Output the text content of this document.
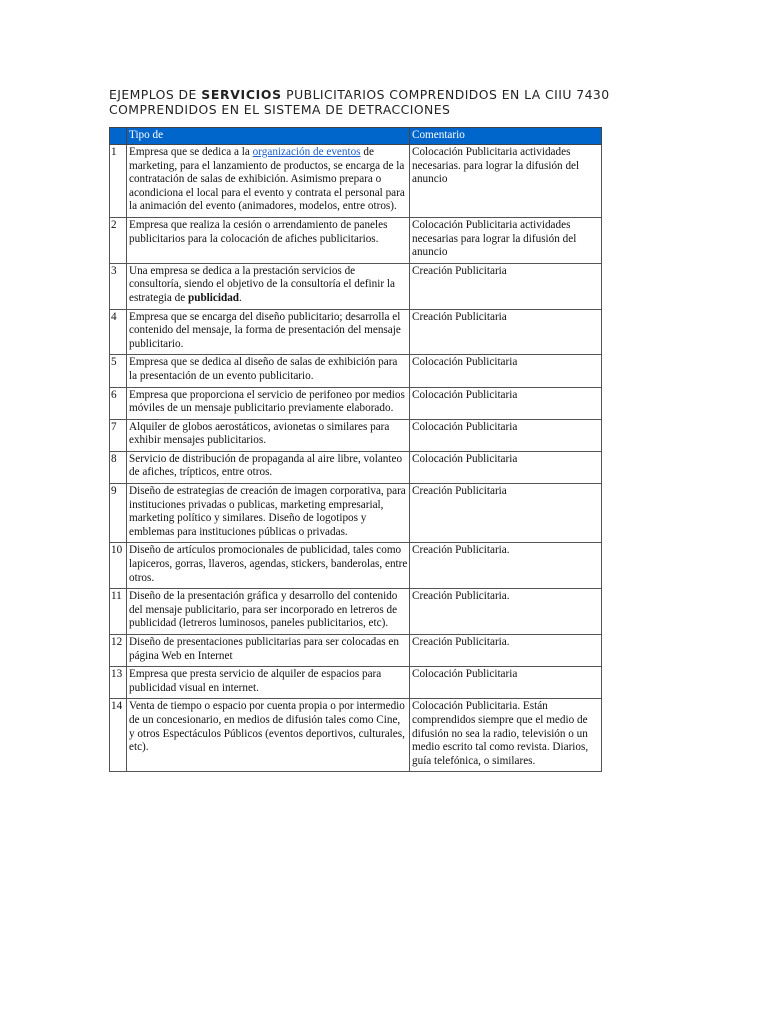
EJEMPLOS DE SERVICIOS PUBLICITARIOS COMPRENDIDOS EN LA CIIU 7430
COMPRENDIDOS EN EL SISTEMA DE DETRACCIONES
	Tipo de	Comentario
1	Empresa que se dedica a la organización de eventos de marketing, para el lanzamiento de productos, se encarga de la contratación de salas de exhibición. Asimismo prepara o acondiciona el local para el evento y contrata el personal para la animación del evento (animadores, modelos, entre otros).	Colocación Publicitaria actividades necesarias. para lograr la difusión del anuncio
2	Empresa que realiza la cesión o arrendamiento de paneles publicitarios para la colocación de afiches publicitarios.	Colocación Publicitaria actividades necesarias para lograr la difusión del anuncio
3	Una empresa se dedica a la prestación servicios de consultoría, siendo el objetivo de la consultoría el definir la estrategia de publicidad.	Creación Publicitaria
4	Empresa que se encarga del diseño publicitario; desarrolla el contenido del mensaje, la forma de presentación del mensaje publicitario.	Creación Publicitaria
5	Empresa que se dedica al diseño de salas de exhibición para la presentación de un evento publicitario.	Colocación Publicitaria
6	Empresa que proporciona el servicio de perifoneo por medios móviles de un mensaje publicitario previamente elaborado.	Colocación Publicitaria
7	Alquiler de globos aerostáticos, avionetas o similares para exhibir mensajes publicitarios.	Colocación Publicitaria
8	Servicio de distribución de propaganda al aire libre, volanteo de afiches, trípticos, entre otros.	Colocación Publicitaria
9	Diseño de estrategias de creación de imagen corporativa, para instituciones privadas o publicas, marketing empresarial, marketing político y similares. Diseño de logotipos y emblemas para instituciones públicas o privadas.	Creación Publicitaria
10	Diseño de artículos promocionales de publicidad, tales como lapiceros, gorras, llaveros, agendas, stickers, banderolas, entre otros.	Creación Publicitaria.
11	Diseño de la presentación gráfica y desarrollo del contenido del mensaje publicitario, para ser incorporado en letreros de publicidad (letreros luminosos, paneles publicitarios, etc).	Creación Publicitaria.
12	Diseño de presentaciones publicitarias para ser colocadas en página Web en Internet	Creación Publicitaria.
13	Empresa que presta servicio de alquiler de espacios para publicidad visual en internet.	Colocación Publicitaria
14	Venta de tiempo o espacio por cuenta propia o por intermedio de un concesionario, en medios de difusión tales como Cine, y otros Espectáculos Públicos (eventos deportivos, culturales, etc).	Colocación Publicitaria. Están comprendidos siempre que el medio de difusión no sea la radio, televisión o un medio escrito tal como revista. Diarios, guía telefónica, o similares.
